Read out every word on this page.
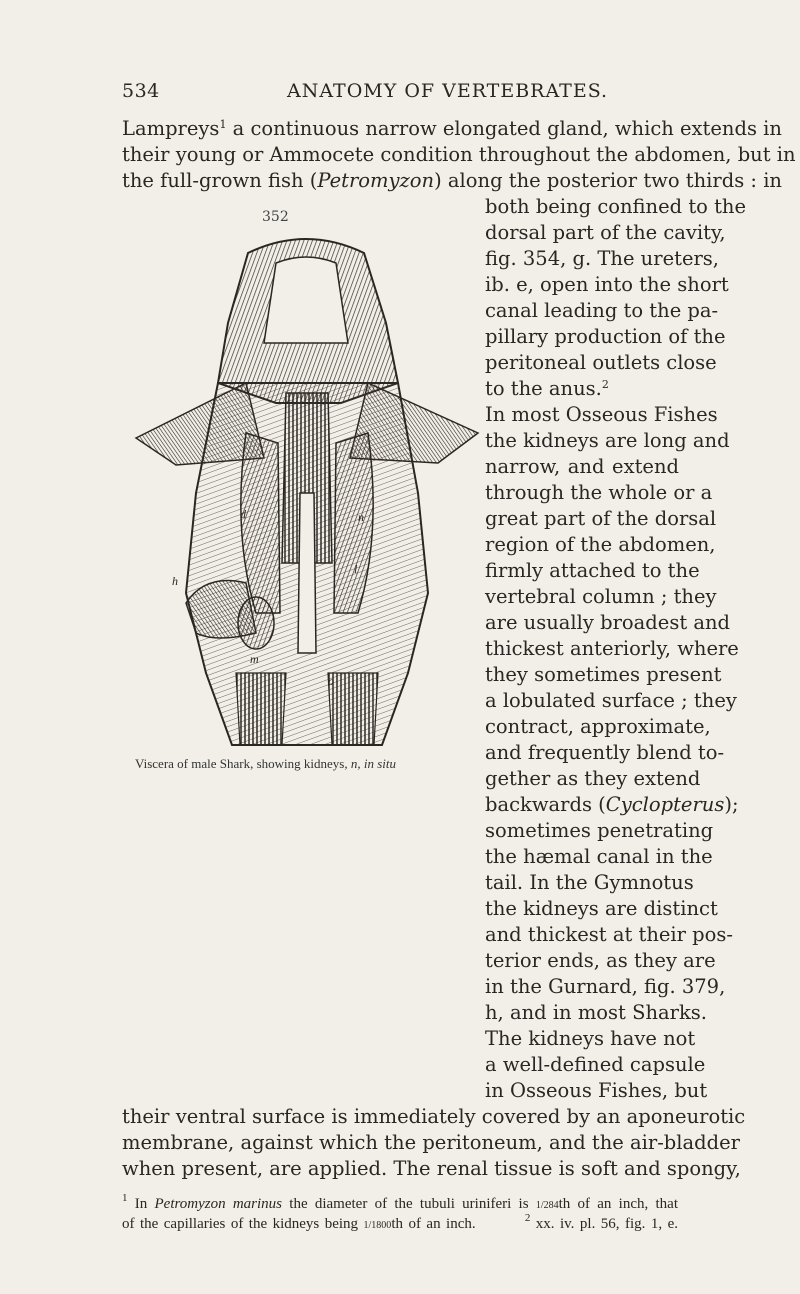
534	ANATOMY OF VERTEBRATES.
Lampreys$^1$ a continuous narrow elongated gland, which extends in
their young or Ammocete condition throughout the abdomen, but in
the full-grown fish (Petromyzon) along the posterior two thirds : in
both being confined to the
dorsal part of the cavity,
fig. 354, g. The ureters,
ib. e, open into the short
canal leading to the pa-
pillary production of the
peritoneal outlets close
to the anus.$^2$
In most Osseous Fishes
the kidneys are long and
narrow, and extend
through the whole or a
great part of the dorsal
region of the abdomen,
firmly attached to the
vertebral column ; they
are usually broadest and
thickest anteriorly, where
they sometimes present
a lobulated surface ; they
contract, approximate,
and frequently blend to-
gether as they extend
backwards (Cyclopterus);
sometimes penetrating
the hæmal canal in the
tail. In the Gymnotus
the kidneys are distinct
and thickest at their pos-
terior ends, as they are
in the Gurnard, fig. 379,
h, and in most Sharks.
The kidneys have not
a well-defined capsule
in Osseous Fishes, but
352
n
l
h
m
o
d
Viscera of male Shark, showing kidneys, n, in situ
their ventral surface is immediately covered by an aponeurotic
membrane, against which the peritoneum, and the air-bladder
when present, are applied. The renal tissue is soft and spongy,
$^1$ In Petromyzon marinus the diameter of the tubuli uriniferi is 1/284th of an inch, that
of the capillaries of the kidneys being 1/1800th of an inch.	$^2$ xx. iv. pl. 56, fig. 1, e.
